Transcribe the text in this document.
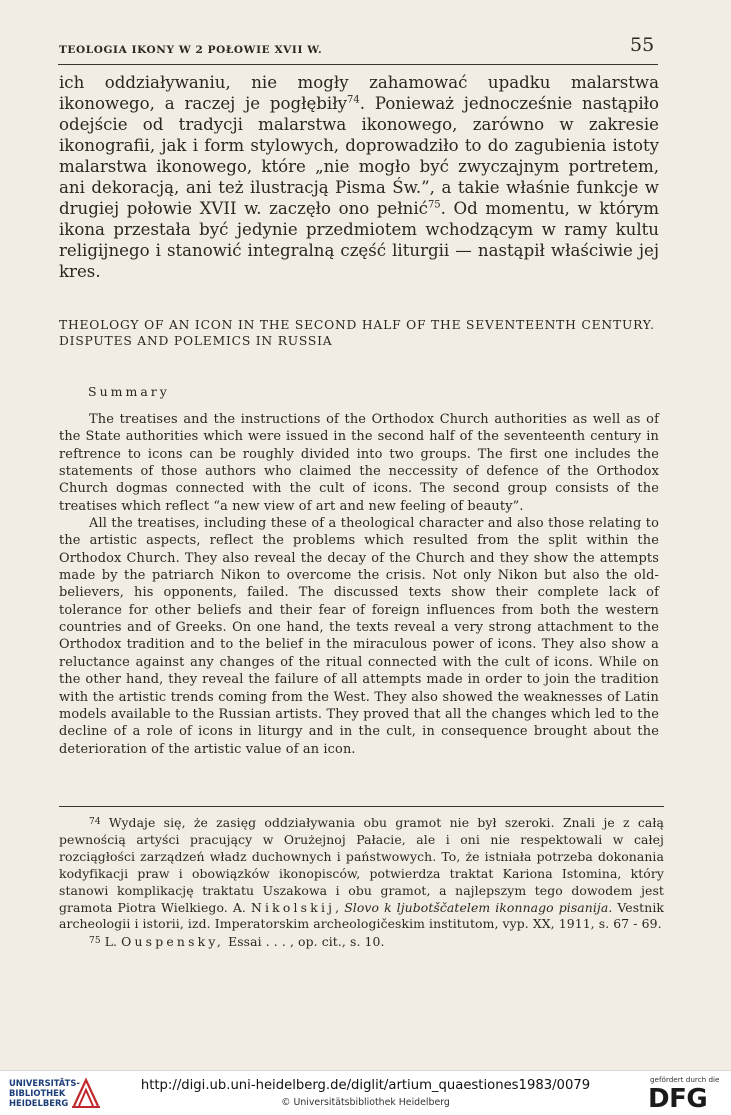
TEOLOGIA IKONY W 2 POŁOWIE XVII W.	55

ich oddziaływaniu, nie mogły zahamować upadku malarstwa ikonowego, a raczej je pogłębiły$^{74}$. Ponieważ jednocześnie nastąpiło odejście od tradycji malarstwa ikonowego, zarówno w zakresie ikonografii, jak i form stylowych, doprowadziło to do zagubienia istoty malarstwa ikonowego, które „nie mogło być zwyczajnym portretem, ani dekoracją, ani też ilustracją Pisma Św.”, a takie właśnie funkcje w drugiej połowie XVII w. zaczęło ono pełnić$^{75}$. Od momentu, w którym ikona przestała być jedynie przedmiotem wchodzącym w ramy kultu religijnego i stanowić integralną część liturgii — nastąpił właściwie jej kres.

THEOLOGY OF AN ICON IN THE SECOND HALF OF THE SEVENTEENTH CENTURY. DISPUTES AND POLEMICS IN RUSSIA
Summary

The treatises and the instructions of the Orthodox Church authorities as well as of the State authorities which were issued in the second half of the seventeenth century in reftrence to icons can be roughly divided into two groups. The first one includes the statements of those authors who claimed the neccessity of defence of the Orthodox Church dogmas connected with the cult of icons. The second group consists of the treatises which reflect “a new view of art and new feeling of beauty”.

All the treatises, including these of a theological character and also those relating to the artistic aspects, reflect the problems which resulted from the split within the Orthodox Church. They also reveal the decay of the Church and they show the attempts made by the patriarch Nikon to overcome the crisis. Not only Nikon but also the old-believers, his opponents, failed. The discussed texts show their complete lack of tolerance for other beliefs and their fear of foreign influences from both the western countries and of Greeks. On one hand, the texts reveal a very strong attachment to the Orthodox tradition and to the belief in the miraculous power of icons. They also show a reluctance against any changes of the ritual connected with the cult of icons. While on the other hand, they reveal the failure of all attempts made in order to join the tradition with the artistic trends coming from the West. They also showed the weaknesses of Latin models available to the Russian artists. They proved that all the changes which led to the decline of a role of icons in liturgy and in the cult, in consequence brought about the deterioration of the artistic value of an icon.

$^{74}$ Wydaje się, że zasięg oddziaływania obu gramot nie był szeroki. Znali je z całą pewnością artyści pracujący w Orużejnoj Pałacie, ale i oni nie respektowali w całej rozciągłości zarządzeń władz duchownych i państwowych. To, że istniała potrzeba dokonania kodyfikacji praw i obowiązków ikonopisców, potwierdza traktat Kariona Istomina, który stanowi komplikację traktatu Uszakowa i obu gramot, a najlepszym tego dowodem jest gramota Piotra Wielkiego. A. Nikolskij, Slovo k ljubotščatelem ikonnago pisanija. Vestnik archeologii i istorii, izd. Imperatorskim archeologičeskim institutom, vyp. XX, 1911, s. 67 - 69.

$^{75}$ L. Ouspensky, Essai . . . , op. cit., s. 10.

UNIVERSITÄTS-
BIBLIOTHEK
HEIDELBERG
http://digi.ub.uni-heidelberg.de/diglit/artium_quaestiones1983/0079
© Universitätsbibliothek Heidelberg
gefördert durch die
DFG
